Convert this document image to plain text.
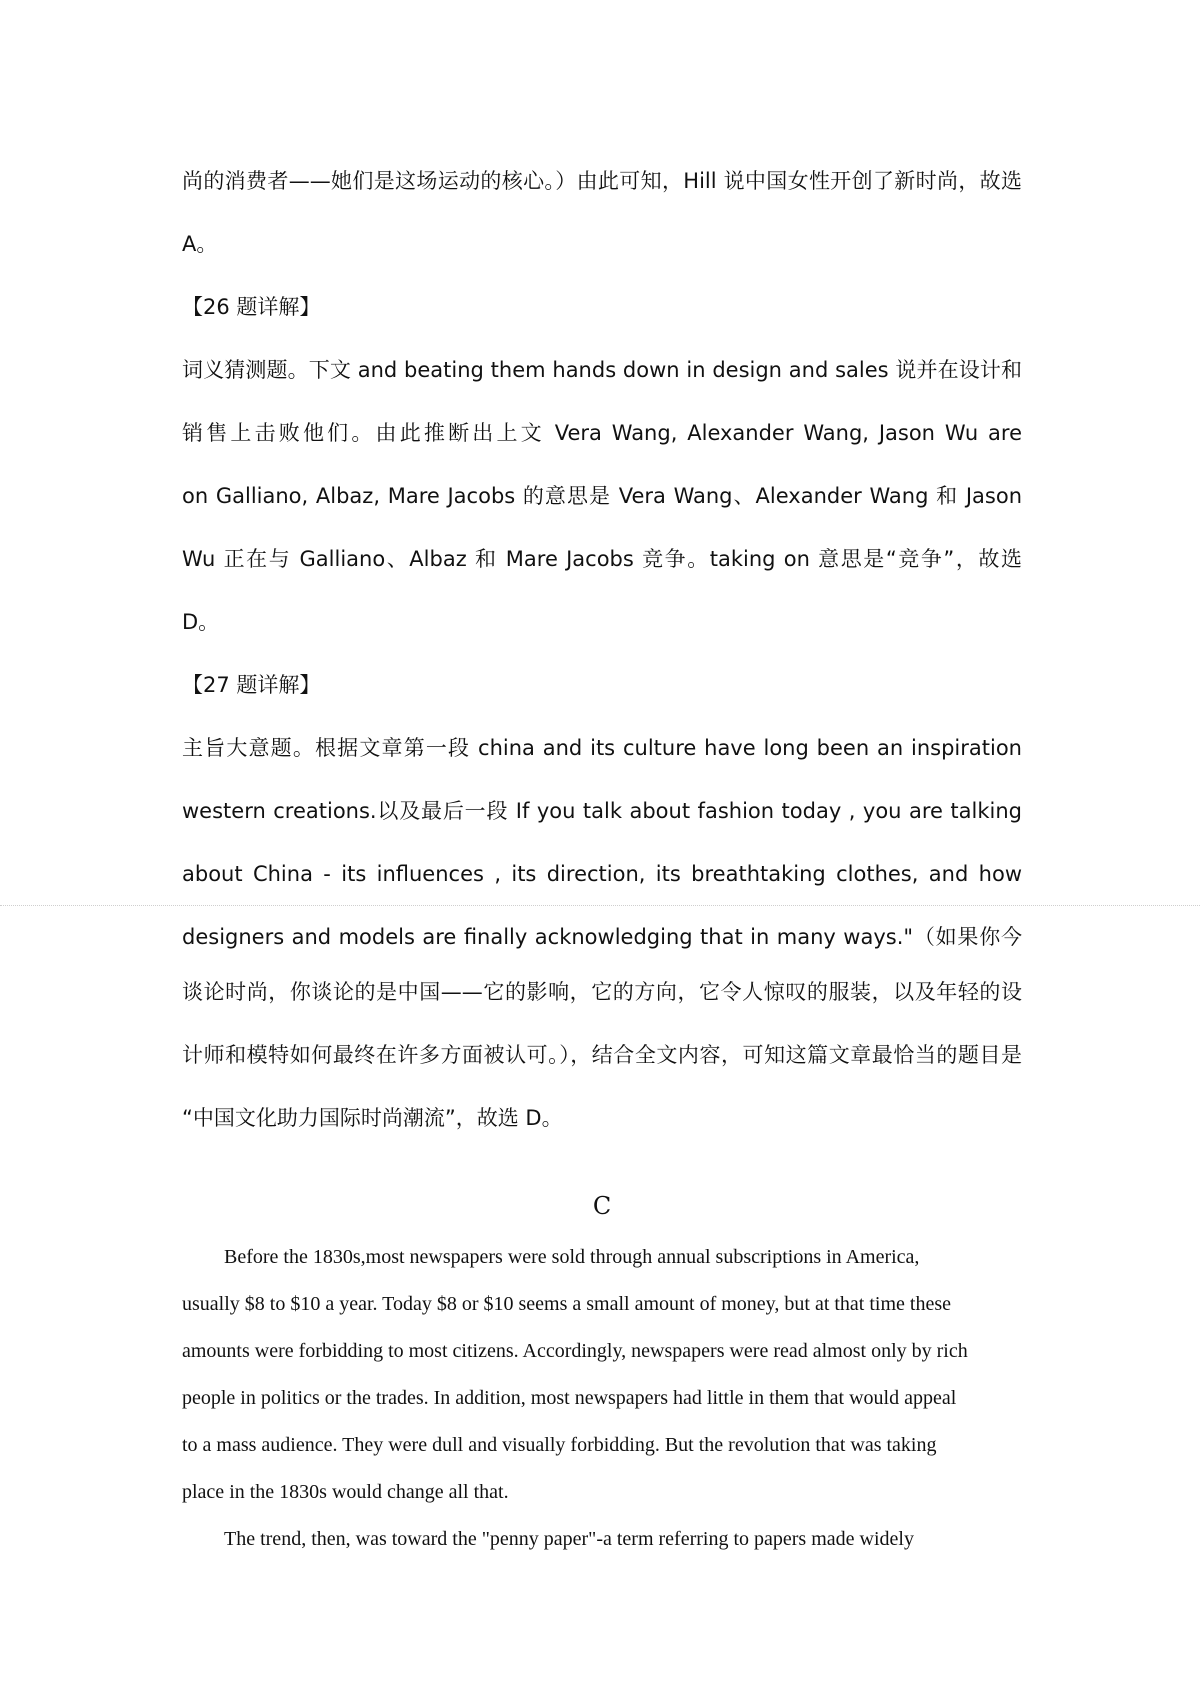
尚的消费者——她们是这场运动的核心。）由此可知，Hill 说中国女性开创了新时尚，故选

A。

【26 题详解】

词义猜测题。下文 and beating them hands down in design and sales 说并在设计和

销售上击败他们。由此推断出上文 Vera Wang, Alexander Wang, Jason Wu are

on Galliano, Albaz, Mare Jacobs 的意思是 Vera Wang、Alexander Wang 和 Jason

Wu 正在与 Galliano、Albaz 和 Mare Jacobs 竞争。taking on 意思是“竞争”，故选

D。

【27 题详解】

主旨大意题。根据文章第一段 china and its culture have long been an inspiration

western creations.以及最后一段 If you talk about fashion today , you are talking

about China - its influences , its direction, its breathtaking clothes, and how

designers and models are finally acknowledging that in many ways."（如果你今

谈论时尚，你谈论的是中国——它的影响，它的方向，它令人惊叹的服装，以及年轻的设

计师和模特如何最终在许多方面被认可。），结合全文内容，可知这篇文章最恰当的题目是

“中国文化助力国际时尚潮流”，故选 D。

C

Before the 1830s,most newspapers were sold through annual subscriptions in America,

usually $8 to $10 a year. Today $8 or $10 seems a small amount of money, but at that time these

amounts were forbidding to most citizens. Accordingly, newspapers were read almost only by rich

people in politics or the trades. In addition, most newspapers had little in them that would appeal

to a mass audience. They were dull and visually forbidding. But the revolution that was taking

place in the 1830s would change all that.

The trend, then, was toward the "penny paper"-a term referring to papers made widely
